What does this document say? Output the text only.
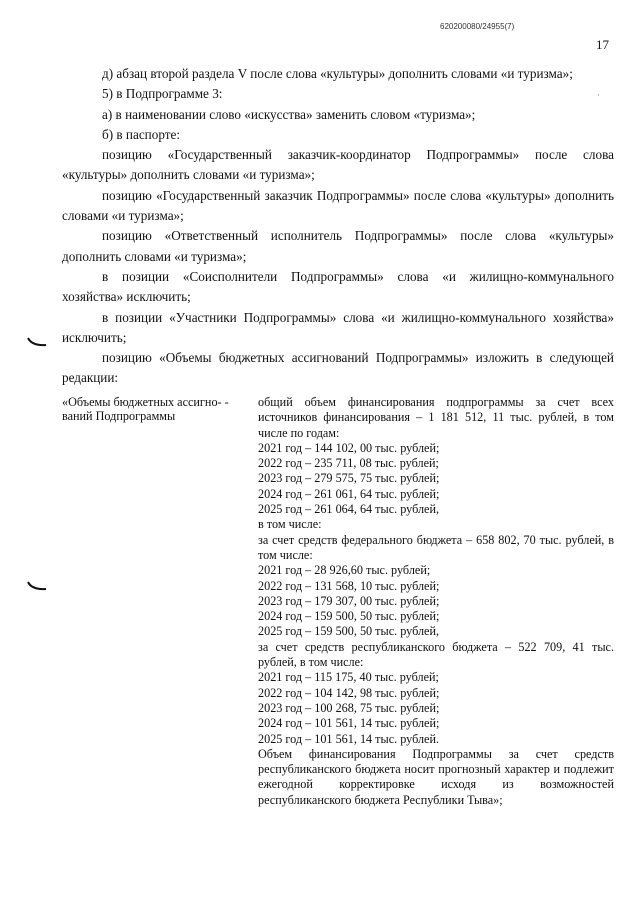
620200080/24955(7)
17
·

д) абзац второй раздела V после слова «культуры» дополнить словами «и туризма»;

5) в Подпрограмме 3:

а) в наименовании слово «искусства» заменить словом «туризма»;

б) в паспорте:

позицию «Государственный заказчик-координатор Подпрограммы» после слова «культуры» дополнить словами «и туризма»;

позицию «Государственный заказчик Подпрограммы» после слова «культуры» дополнить словами «и туризма»;

позицию «Ответственный исполнитель Подпрограммы» после слова «культуры» дополнить словами «и туризма»;

в позиции «Соисполнители Подпрограммы» слова «и жилищно-коммунального хозяйства» исключить;

в позиции «Участники Подпрограммы» слова «и жилищно-коммунального хозяйства» исключить;

позицию «Объемы бюджетных ассигнований Подпрограммы» изложить в следующей редакции:

«Объемы бюджетных ассигно- - ваний Подпрограммы

общий объем финансирования подпрограммы за счет всех источников финансирования – 1 181 512, 11 тыс. рублей, в том числе по годам:

2021 год – 144 102, 00 тыс. рублей;

2022 год – 235 711, 08 тыс. рублей;

2023 год – 279 575, 75 тыс. рублей;

2024 год – 261 061, 64 тыс. рублей;

2025 год – 261 064, 64 тыс. рублей,

в том числе:

за счет средств федерального бюджета – 658 802, 70 тыс. рублей, в том числе:

2021 год – 28 926,60 тыс. рублей;

2022 год – 131 568, 10 тыс. рублей;

2023 год – 179 307, 00 тыс. рублей;

2024 год – 159 500, 50 тыс. рублей;

2025 год – 159 500, 50 тыс. рублей,

за счет средств республиканского бюджета – 522 709, 41 тыс. рублей, в том числе:

2021 год – 115 175, 40 тыс. рублей;

2022 год – 104 142, 98 тыс. рублей;

2023 год – 100 268, 75 тыс. рублей;

2024 год – 101 561, 14 тыс. рублей;

2025 год – 101 561, 14 тыс. рублей.

Объем финансирования Подпрограммы за счет средств республиканского бюджета носит прогнозный характер и подлежит ежегодной корректировке исходя из возможностей республиканского бюджета Республики Тыва»;
